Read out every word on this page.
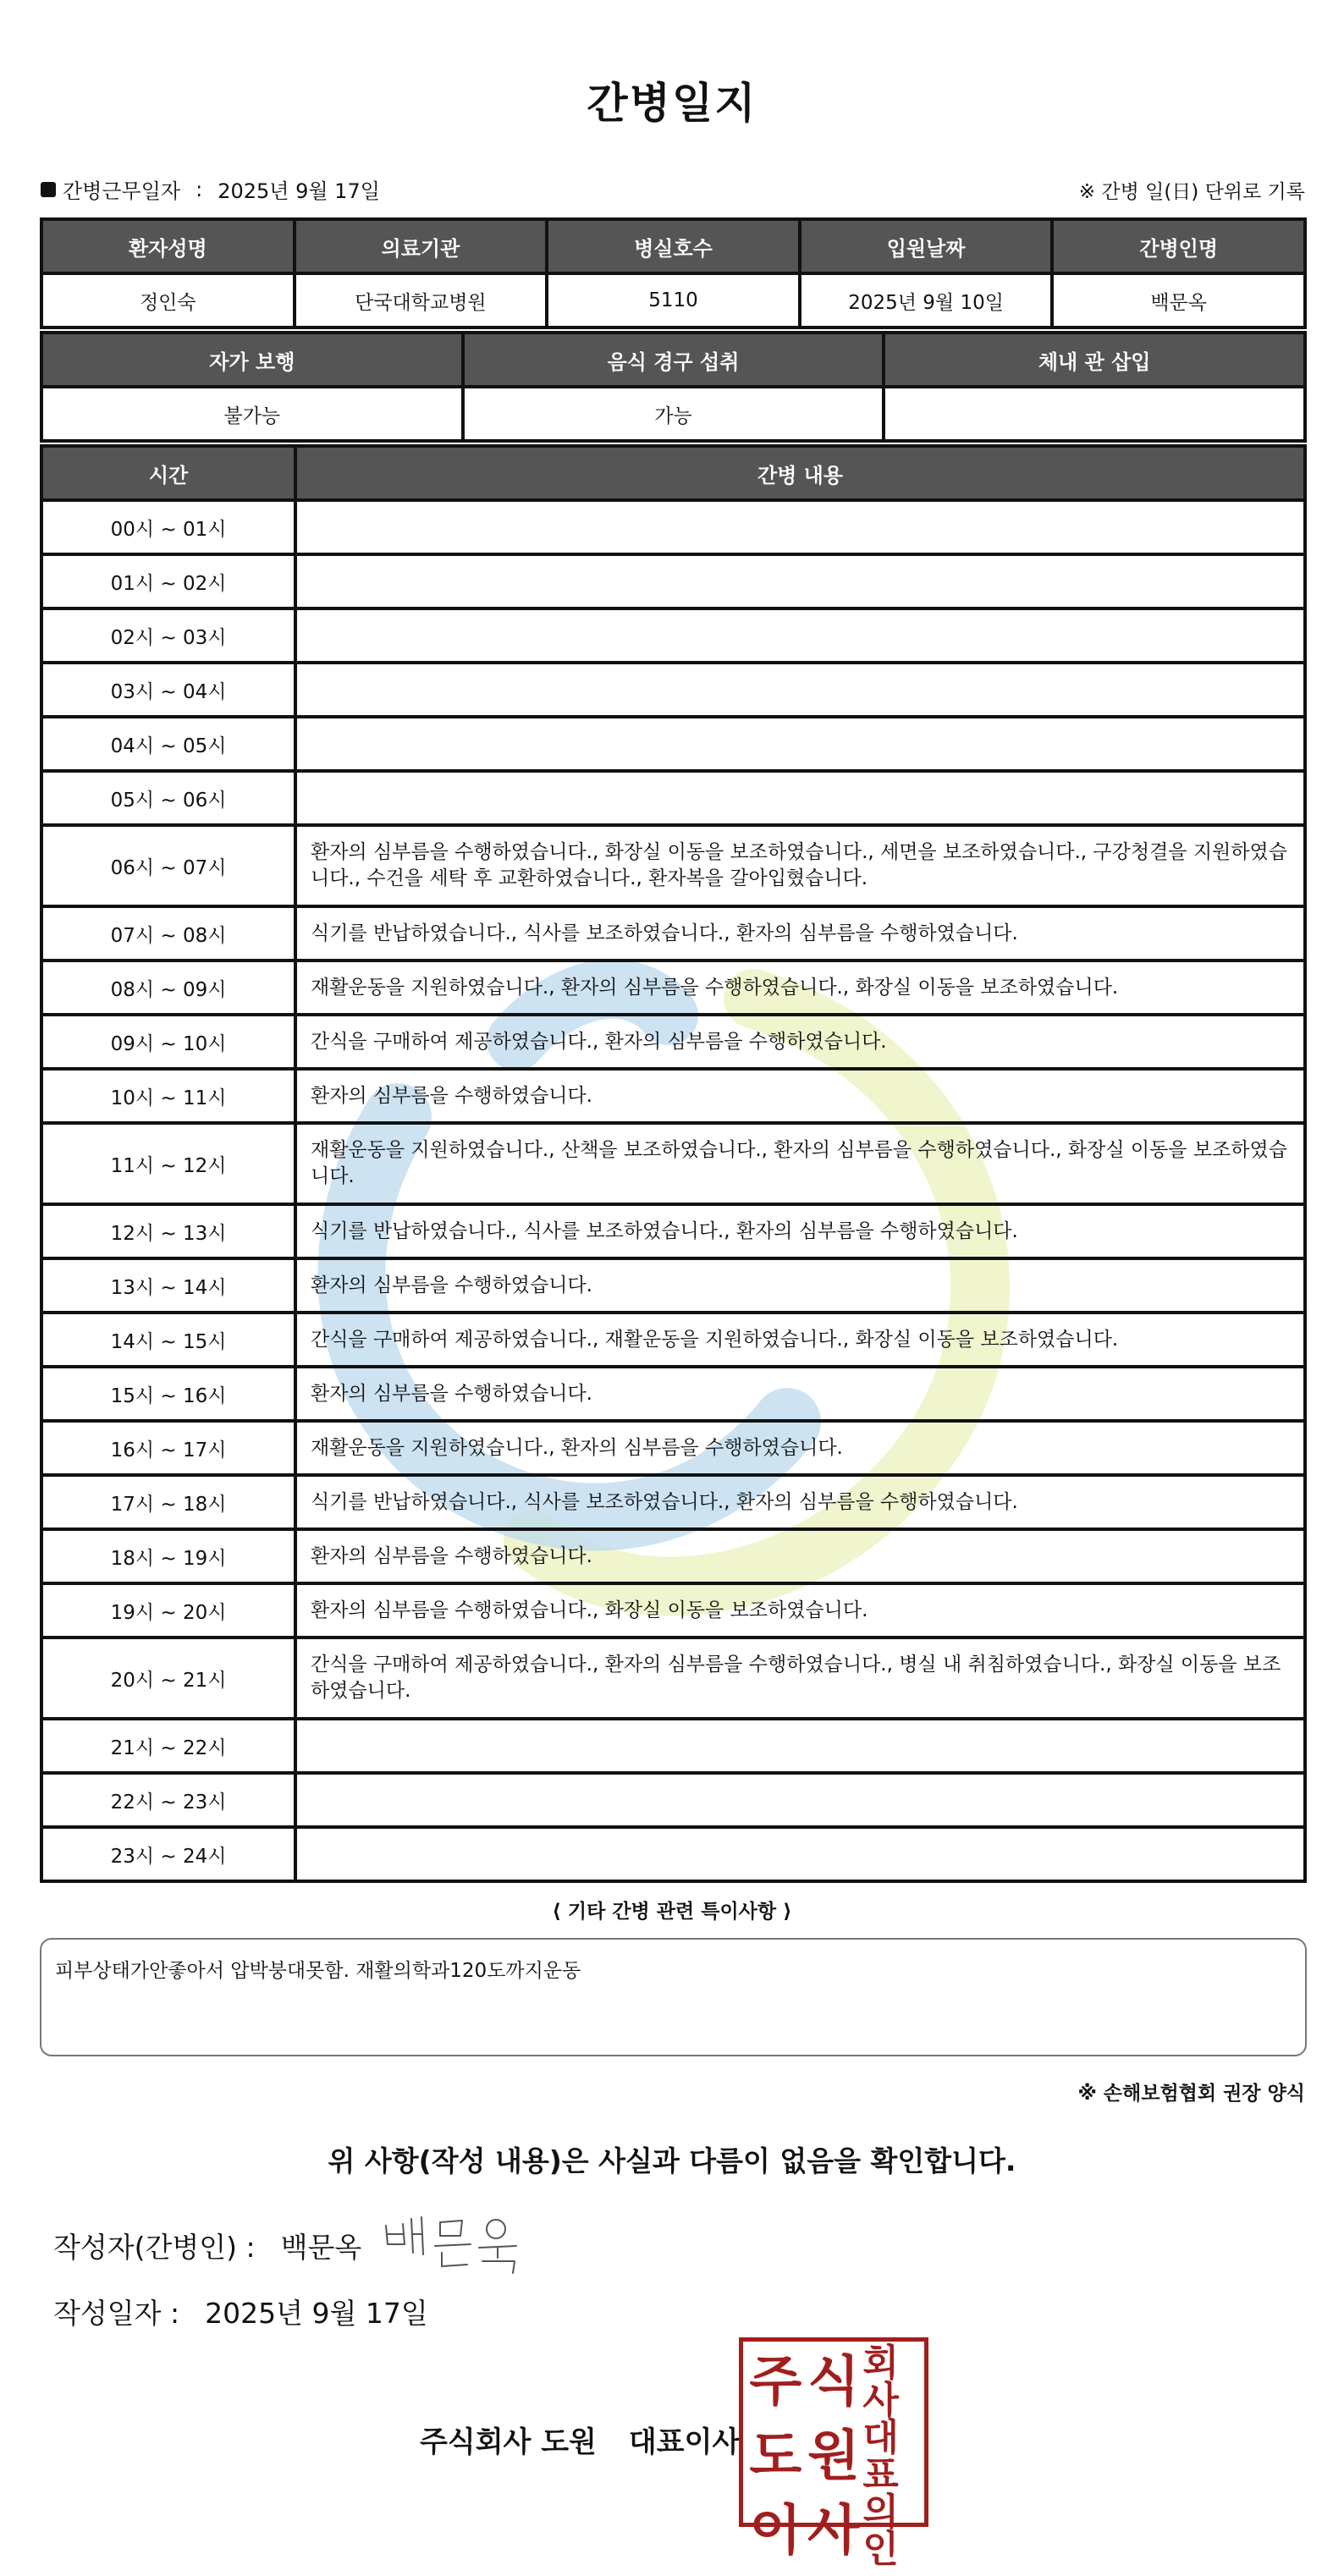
간병일지
간병근무일자 : 2025년 9월 17일	※ 간병 일(日) 단위로 기록
환자성명	의료기관	병실호수	입원날짜	간병인명
정인숙	단국대학교병원	5110	2025년 9월 10일	백문옥
자가 보행	음식 경구 섭취	체내 관 삽입
불가능	가능	
시간	간병 내용
00시 ~ 01시	
01시 ~ 02시	
02시 ~ 03시	
03시 ~ 04시	
04시 ~ 05시	
05시 ~ 06시	
06시 ~ 07시	환자의 심부름을 수행하였습니다., 화장실 이동을 보조하였습니다., 세면을 보조하였습니다., 구강청결을 지원하였습니다., 수건을 세탁 후 교환하였습니다., 환자복을 갈아입혔습니다.
07시 ~ 08시	식기를 반납하였습니다., 식사를 보조하였습니다., 환자의 심부름을 수행하였습니다.
08시 ~ 09시	재활운동을 지원하였습니다., 환자의 심부름을 수행하였습니다., 화장실 이동을 보조하였습니다.
09시 ~ 10시	간식을 구매하여 제공하였습니다., 환자의 심부름을 수행하였습니다.
10시 ~ 11시	환자의 심부름을 수행하였습니다.
11시 ~ 12시	재활운동을 지원하였습니다., 산책을 보조하였습니다., 환자의 심부름을 수행하였습니다., 화장실 이동을 보조하였습니다.
12시 ~ 13시	식기를 반납하였습니다., 식사를 보조하였습니다., 환자의 심부름을 수행하였습니다.
13시 ~ 14시	환자의 심부름을 수행하였습니다.
14시 ~ 15시	간식을 구매하여 제공하였습니다., 재활운동을 지원하였습니다., 화장실 이동을 보조하였습니다.
15시 ~ 16시	환자의 심부름을 수행하였습니다.
16시 ~ 17시	재활운동을 지원하였습니다., 환자의 심부름을 수행하였습니다.
17시 ~ 18시	식기를 반납하였습니다., 식사를 보조하였습니다., 환자의 심부름을 수행하였습니다.
18시 ~ 19시	환자의 심부름을 수행하였습니다.
19시 ~ 20시	환자의 심부름을 수행하였습니다., 화장실 이동을 보조하였습니다.
20시 ~ 21시	간식을 구매하여 제공하였습니다., 환자의 심부름을 수행하였습니다., 병실 내 취침하였습니다., 화장실 이동을 보조하였습니다.
21시 ~ 22시	
22시 ~ 23시	
23시 ~ 24시	
⟨ 기타 간병 관련 특이사항 ⟩
피부상태가안좋아서 압박붕대못함. 재활의학과120도까지운동
※ 손해보험협회 권장 양식
위 사항(작성 내용)은 사실과 다름이 없음을 확인합니다.
작성자(간병인) : 백문옥
작성일자 : 2025년 9월 17일
주식회사 도원 대표이사
주 식 회사
도 원 대표
이 사 의인
